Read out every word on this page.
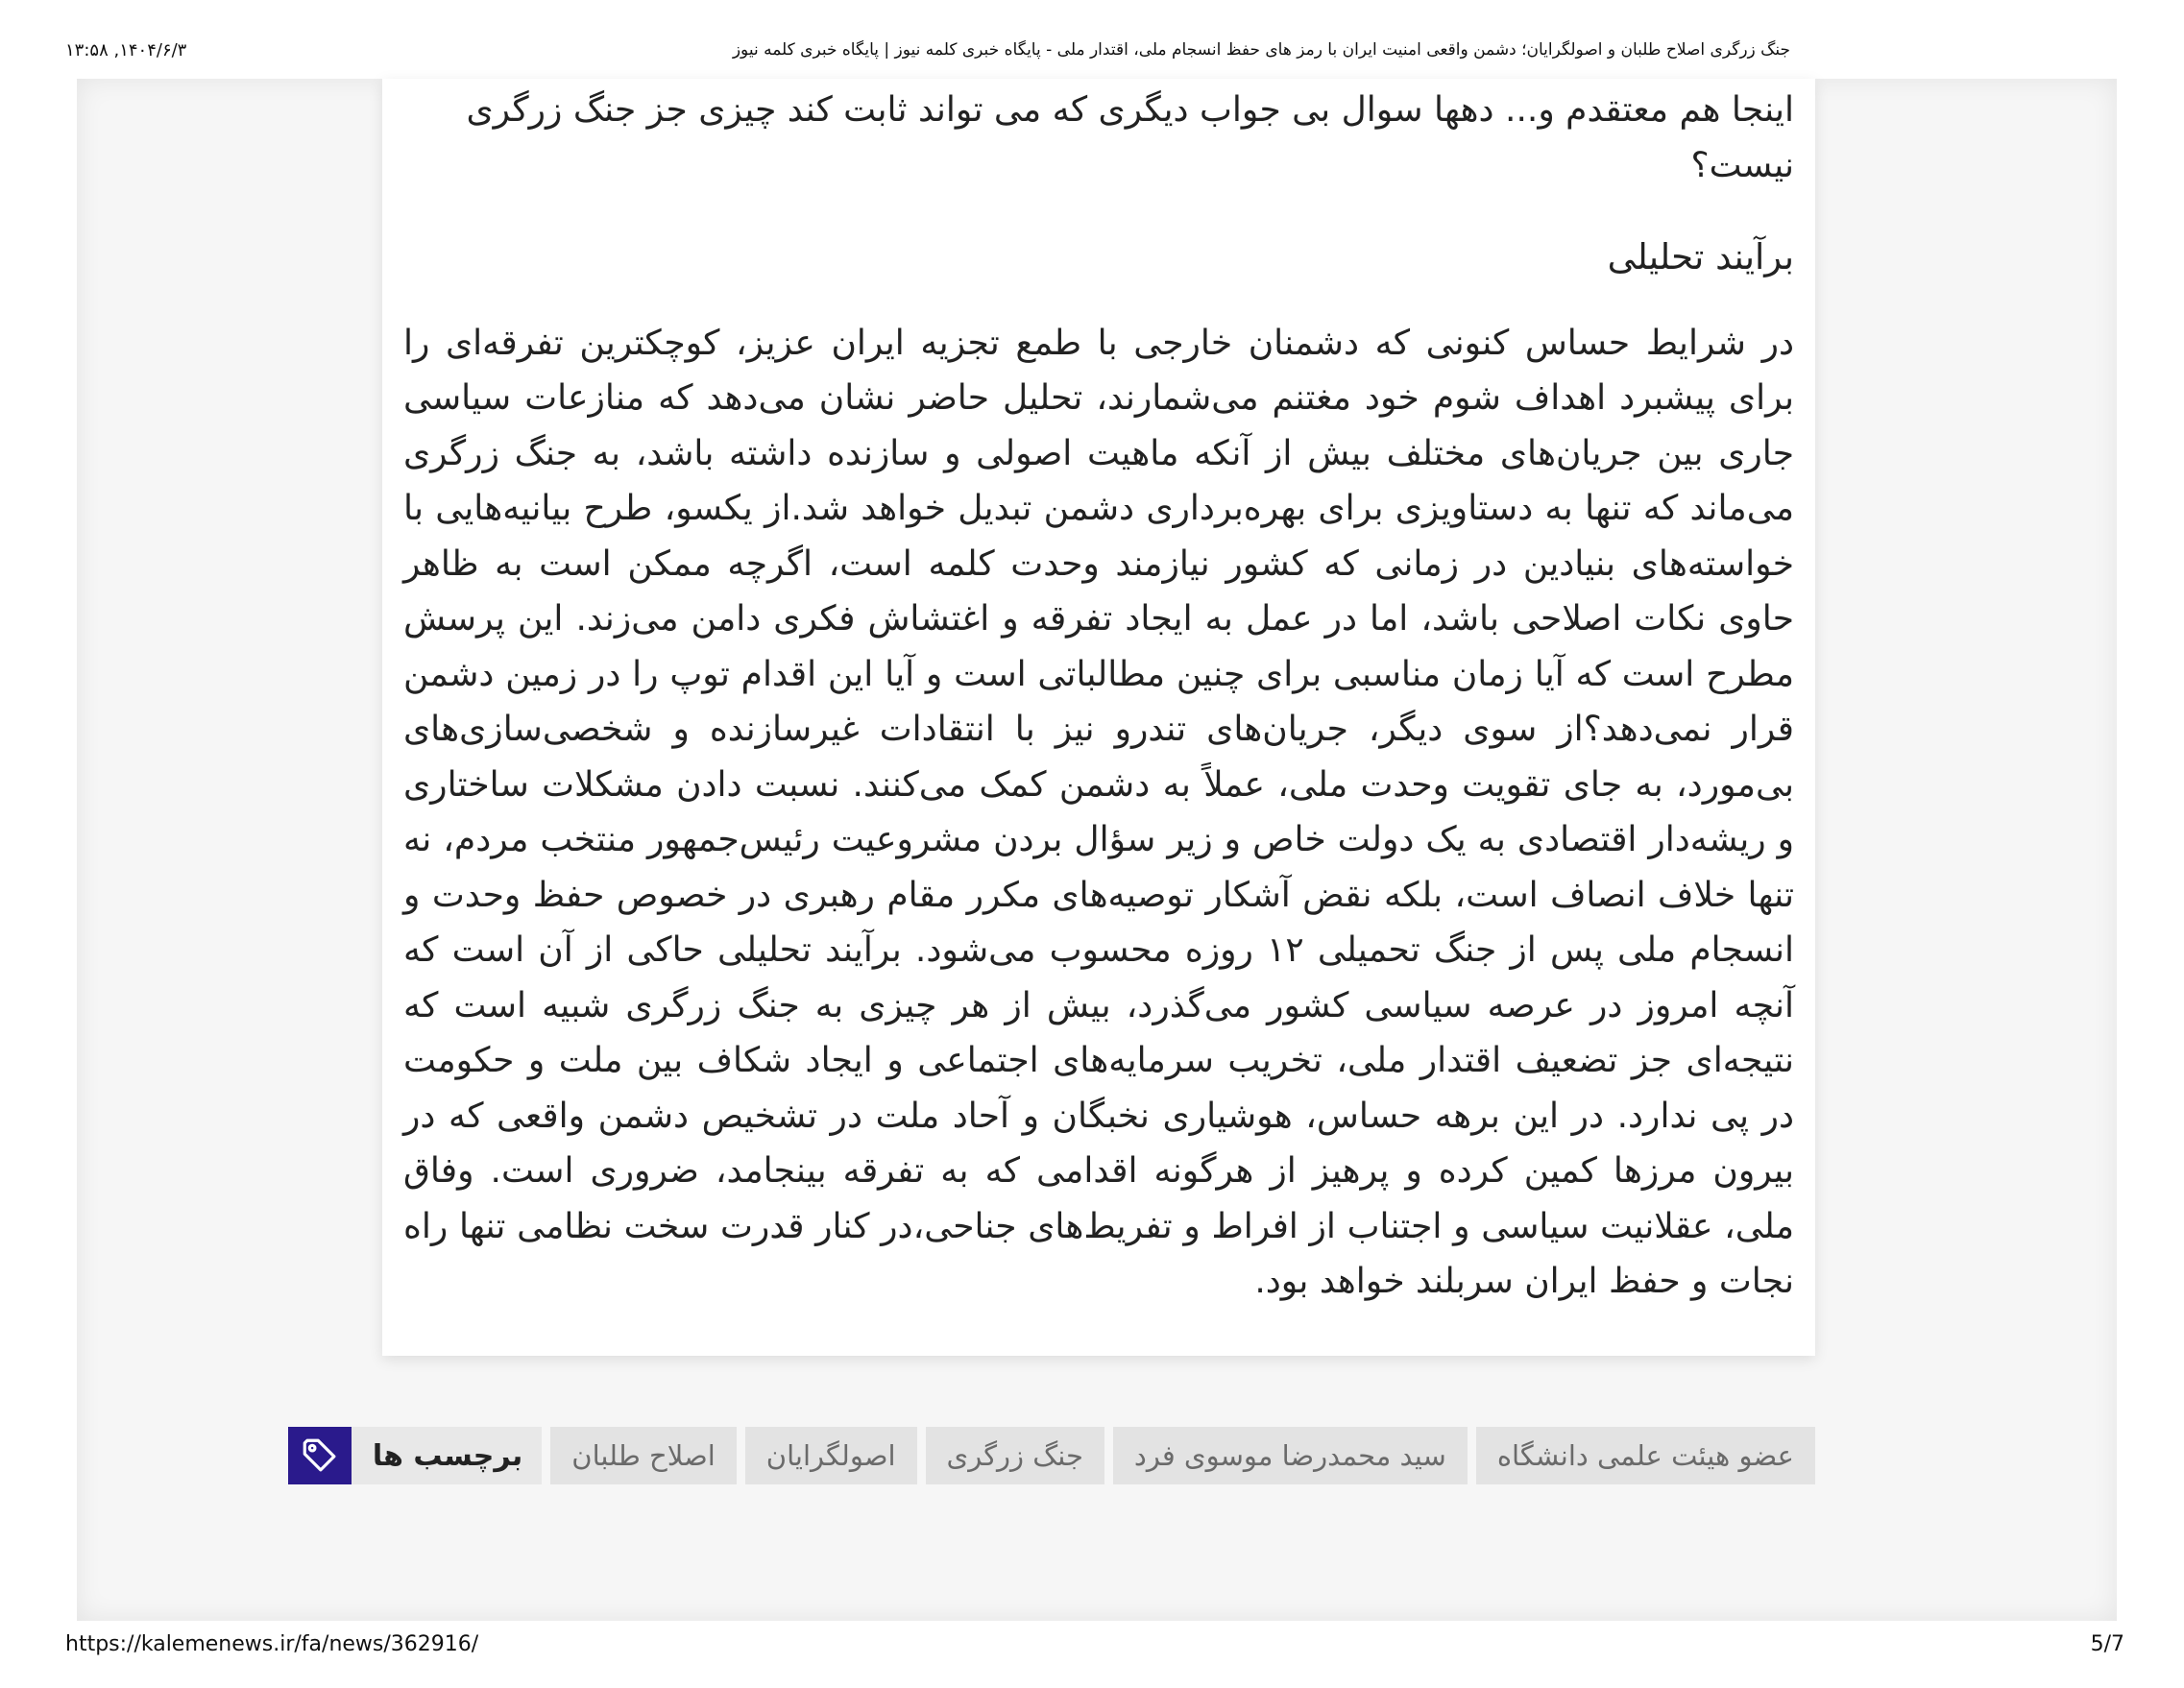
۱۴۰۴/۶/۳, ۱۳:۵۸	جنگ زرگری اصلاح طلبان و اصولگرایان؛ دشمن واقعی امنیت ایران با رمز های حفظ انسجام ملی، اقتدار ملی - پایگاه خبری کلمه نیوز | پایگاه خبری کلمه نیوز

اینجا هم معتقدم و... دهها سوال بی جواب دیگری که می تواند ثابت کند چیزی جز جنگ زرگری نیست؟

برآیند تحلیلی

در شرایط حساس کنونی که دشمنان خارجی با طمع تجزیه ایران عزیز، کوچکترین تفرقه‌ای را برای پیشبرد اهداف شوم خود مغتنم می‌شمارند، تحلیل حاضر نشان می‌دهد که منازعات سیاسی جاری بین جریان‌های مختلف بیش از آنکه ماهیت اصولی و سازنده داشته باشد، به جنگ زرگری می‌ماند که تنها به دستاویزی برای بهره‌برداری دشمن تبدیل خواهد شد.از یکسو، طرح بیانیه‌هایی با خواسته‌های بنیادین در زمانی که کشور نیازمند وحدت کلمه است، اگرچه ممکن است به ظاهر حاوی نکات اصلاحی باشد، اما در عمل به ایجاد تفرقه و اغتشاش فکری دامن می‌زند. این پرسش مطرح است که آیا زمان مناسبی برای چنین مطالباتی است و آیا این اقدام توپ را در زمین دشمن قرار نمی‌دهد؟از سوی دیگر، جریان‌های تندرو نیز با انتقادات غیرسازنده و شخصی‌سازی‌های بی‌مورد، به جای تقویت وحدت ملی، عملاً به دشمن کمک می‌کنند. نسبت دادن مشکلات ساختاری و ریشه‌دار اقتصادی به یک دولت خاص و زیر سؤال بردن مشروعیت رئیس‌جمهور منتخب مردم، نه تنها خلاف انصاف است، بلکه نقض آشکار توصیه‌های مکرر مقام رهبری در خصوص حفظ وحدت و انسجام ملی پس از جنگ تحمیلی ۱۲ روزه محسوب می‌شود. برآیند تحلیلی حاکی از آن است که آنچه امروز در عرصه سیاسی کشور می‌گذرد، بیش از هر چیزی به جنگ زرگری شبیه است که نتیجه‌ای جز تضعیف اقتدار ملی، تخریب سرمایه‌های اجتماعی و ایجاد شکاف بین ملت و حکومت در پی ندارد. در این برهه حساس، هوشیاری نخبگان و آحاد ملت در تشخیص دشمن واقعی که در بیرون مرزها کمین کرده و پرهیز از هرگونه اقدامی که به تفرقه بینجامد، ضروری است. وفاق ملی، عقلانیت سیاسی و اجتناب از افراط و تفریط‌های جناحی،در کنار قدرت سخت نظامی تنها راه نجات و حفظ ایران سربلند خواهد بود.

برچسب ها	اصلاح طلبان	اصولگرایان	جنگ زرگری	سید محمدرضا موسوی فرد	عضو هیئت علمی دانشگاه
https://kalemenews.ir/fa/news/362916/	5/7
